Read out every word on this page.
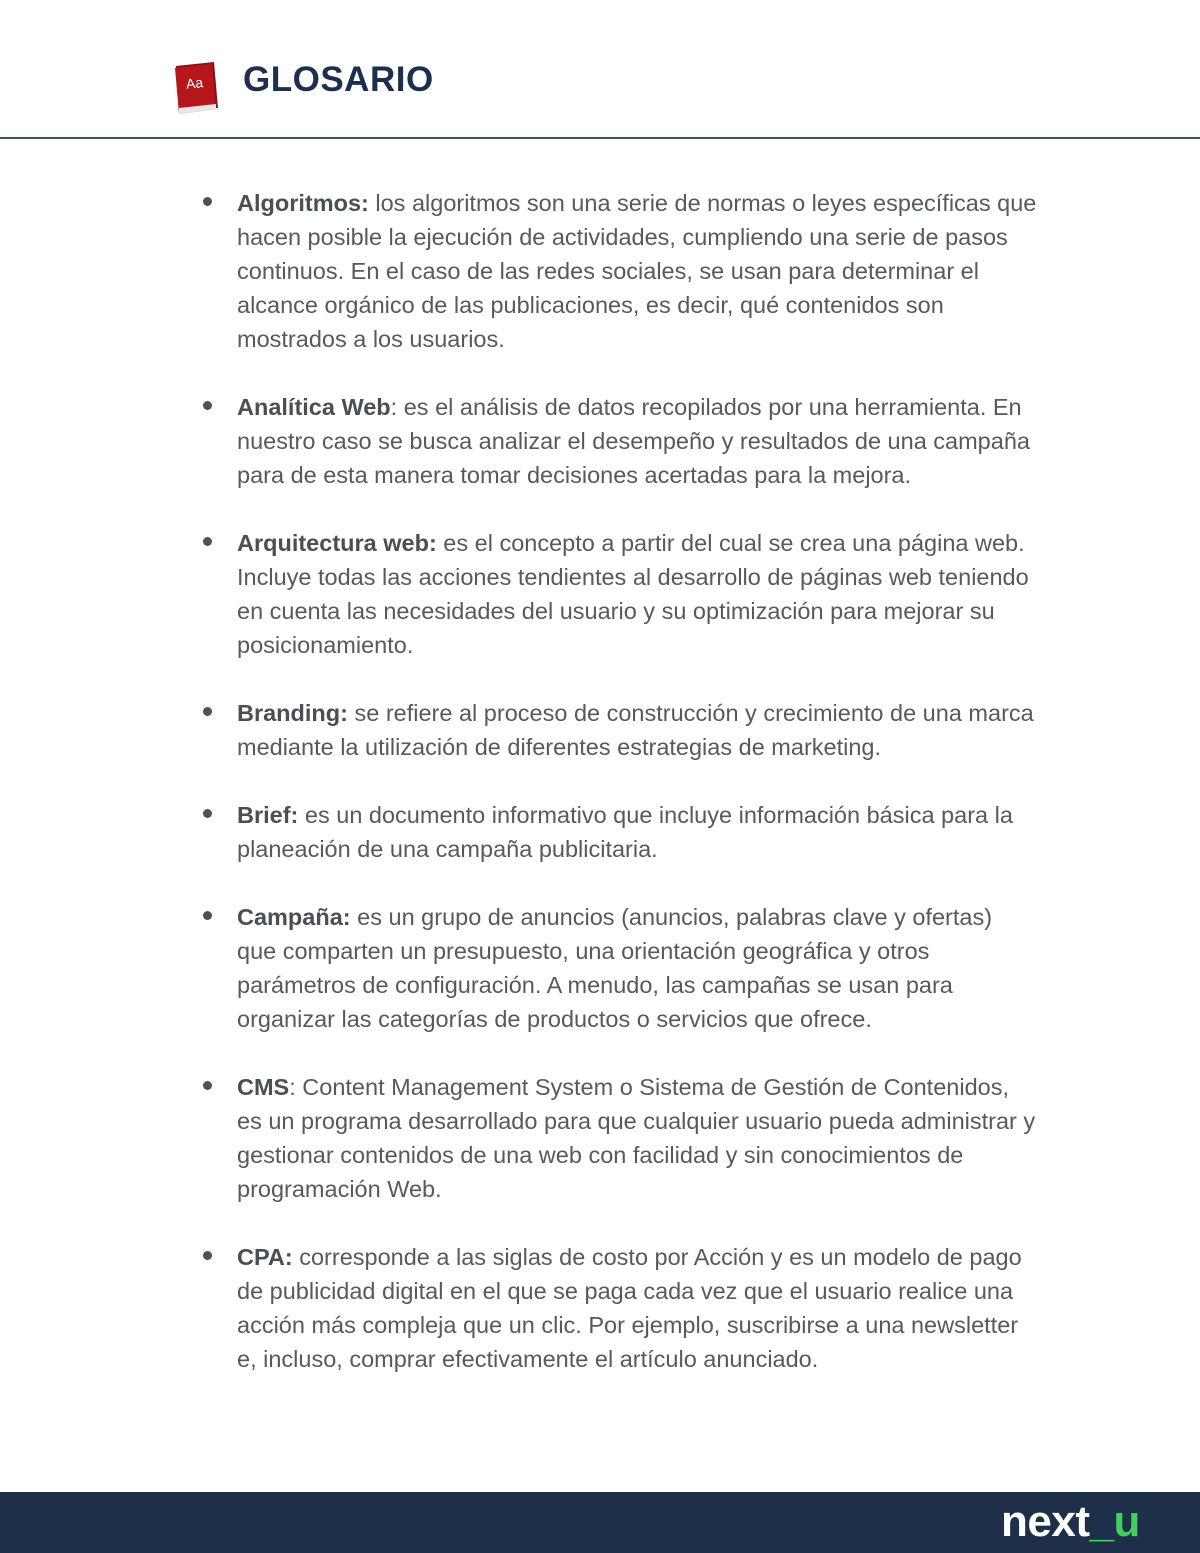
Aa GLOSARIO
Algoritmos: los algoritmos son una serie de normas o leyes específicas que hacen posible la ejecución de actividades, cumpliendo una serie de pasos continuos. En el caso de las redes sociales, se usan para determinar el alcance orgánico de las publicaciones, es decir, qué contenidos son mostrados a los usuarios.
Analítica Web: es el análisis de datos recopilados por una herramienta. En nuestro caso se busca analizar el desempeño y resultados de una campaña para de esta manera tomar decisiones acertadas para la mejora.
Arquitectura web: es el concepto a partir del cual se crea una página web. Incluye todas las acciones tendientes al desarrollo de páginas web teniendo en cuenta las necesidades del usuario y su optimización para mejorar su posicionamiento.
Branding: se refiere al proceso de construcción y crecimiento de una marca mediante la utilización de diferentes estrategias de marketing.
Brief: es un documento informativo que incluye información básica para la planeación de una campaña publicitaria.
Campaña: es un grupo de anuncios (anuncios, palabras clave y ofertas) que comparten un presupuesto, una orientación geográfica y otros parámetros de configuración. A menudo, las campañas se usan para organizar las categorías de productos o servicios que ofrece.
CMS: Content Management System o Sistema de Gestión de Contenidos, es un programa desarrollado para que cualquier usuario pueda administrar y gestionar contenidos de una web con facilidad y sin conocimientos de programación Web.
CPA: corresponde a las siglas de costo por Acción y es un modelo de pago de publicidad digital en el que se paga cada vez que el usuario realice una acción más compleja que un clic. Por ejemplo, suscribirse a una newsletter e, incluso, comprar efectivamente el artículo anunciado.
next_u
